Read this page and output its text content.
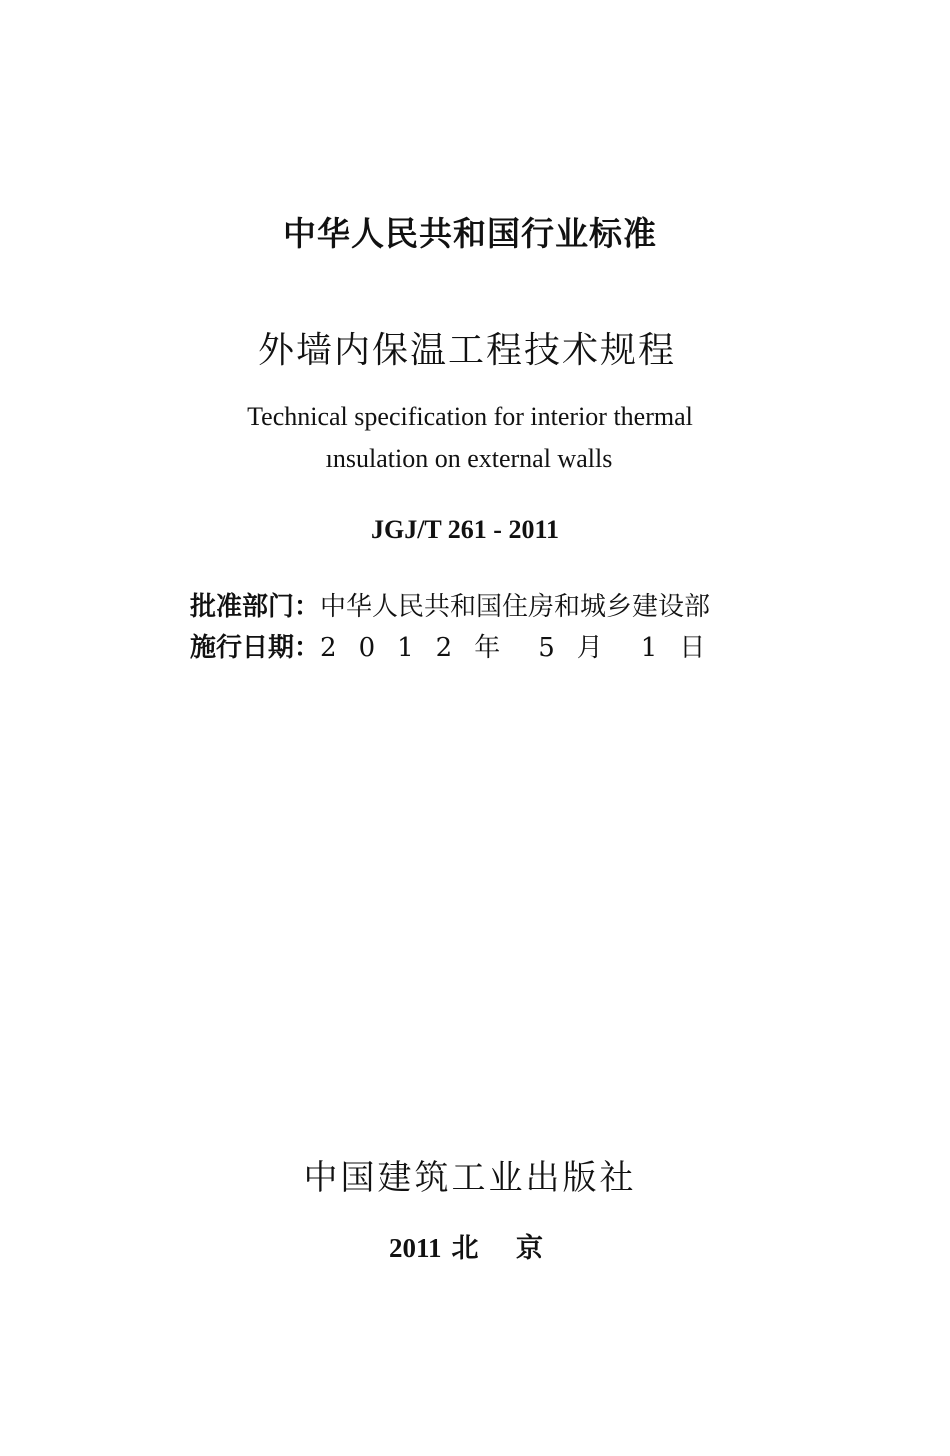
中华人民共和国行业标准
外墙内保温工程技术规程
Technical specification for interior thermal
ınsulation on external walls
JGJ/T 261 - 2011
批准部门：中华人民共和国住房和城乡建设部
施行日期：2 0 1 2 年 5 月 1 日
中国建筑工业出版社
2011 北 京
